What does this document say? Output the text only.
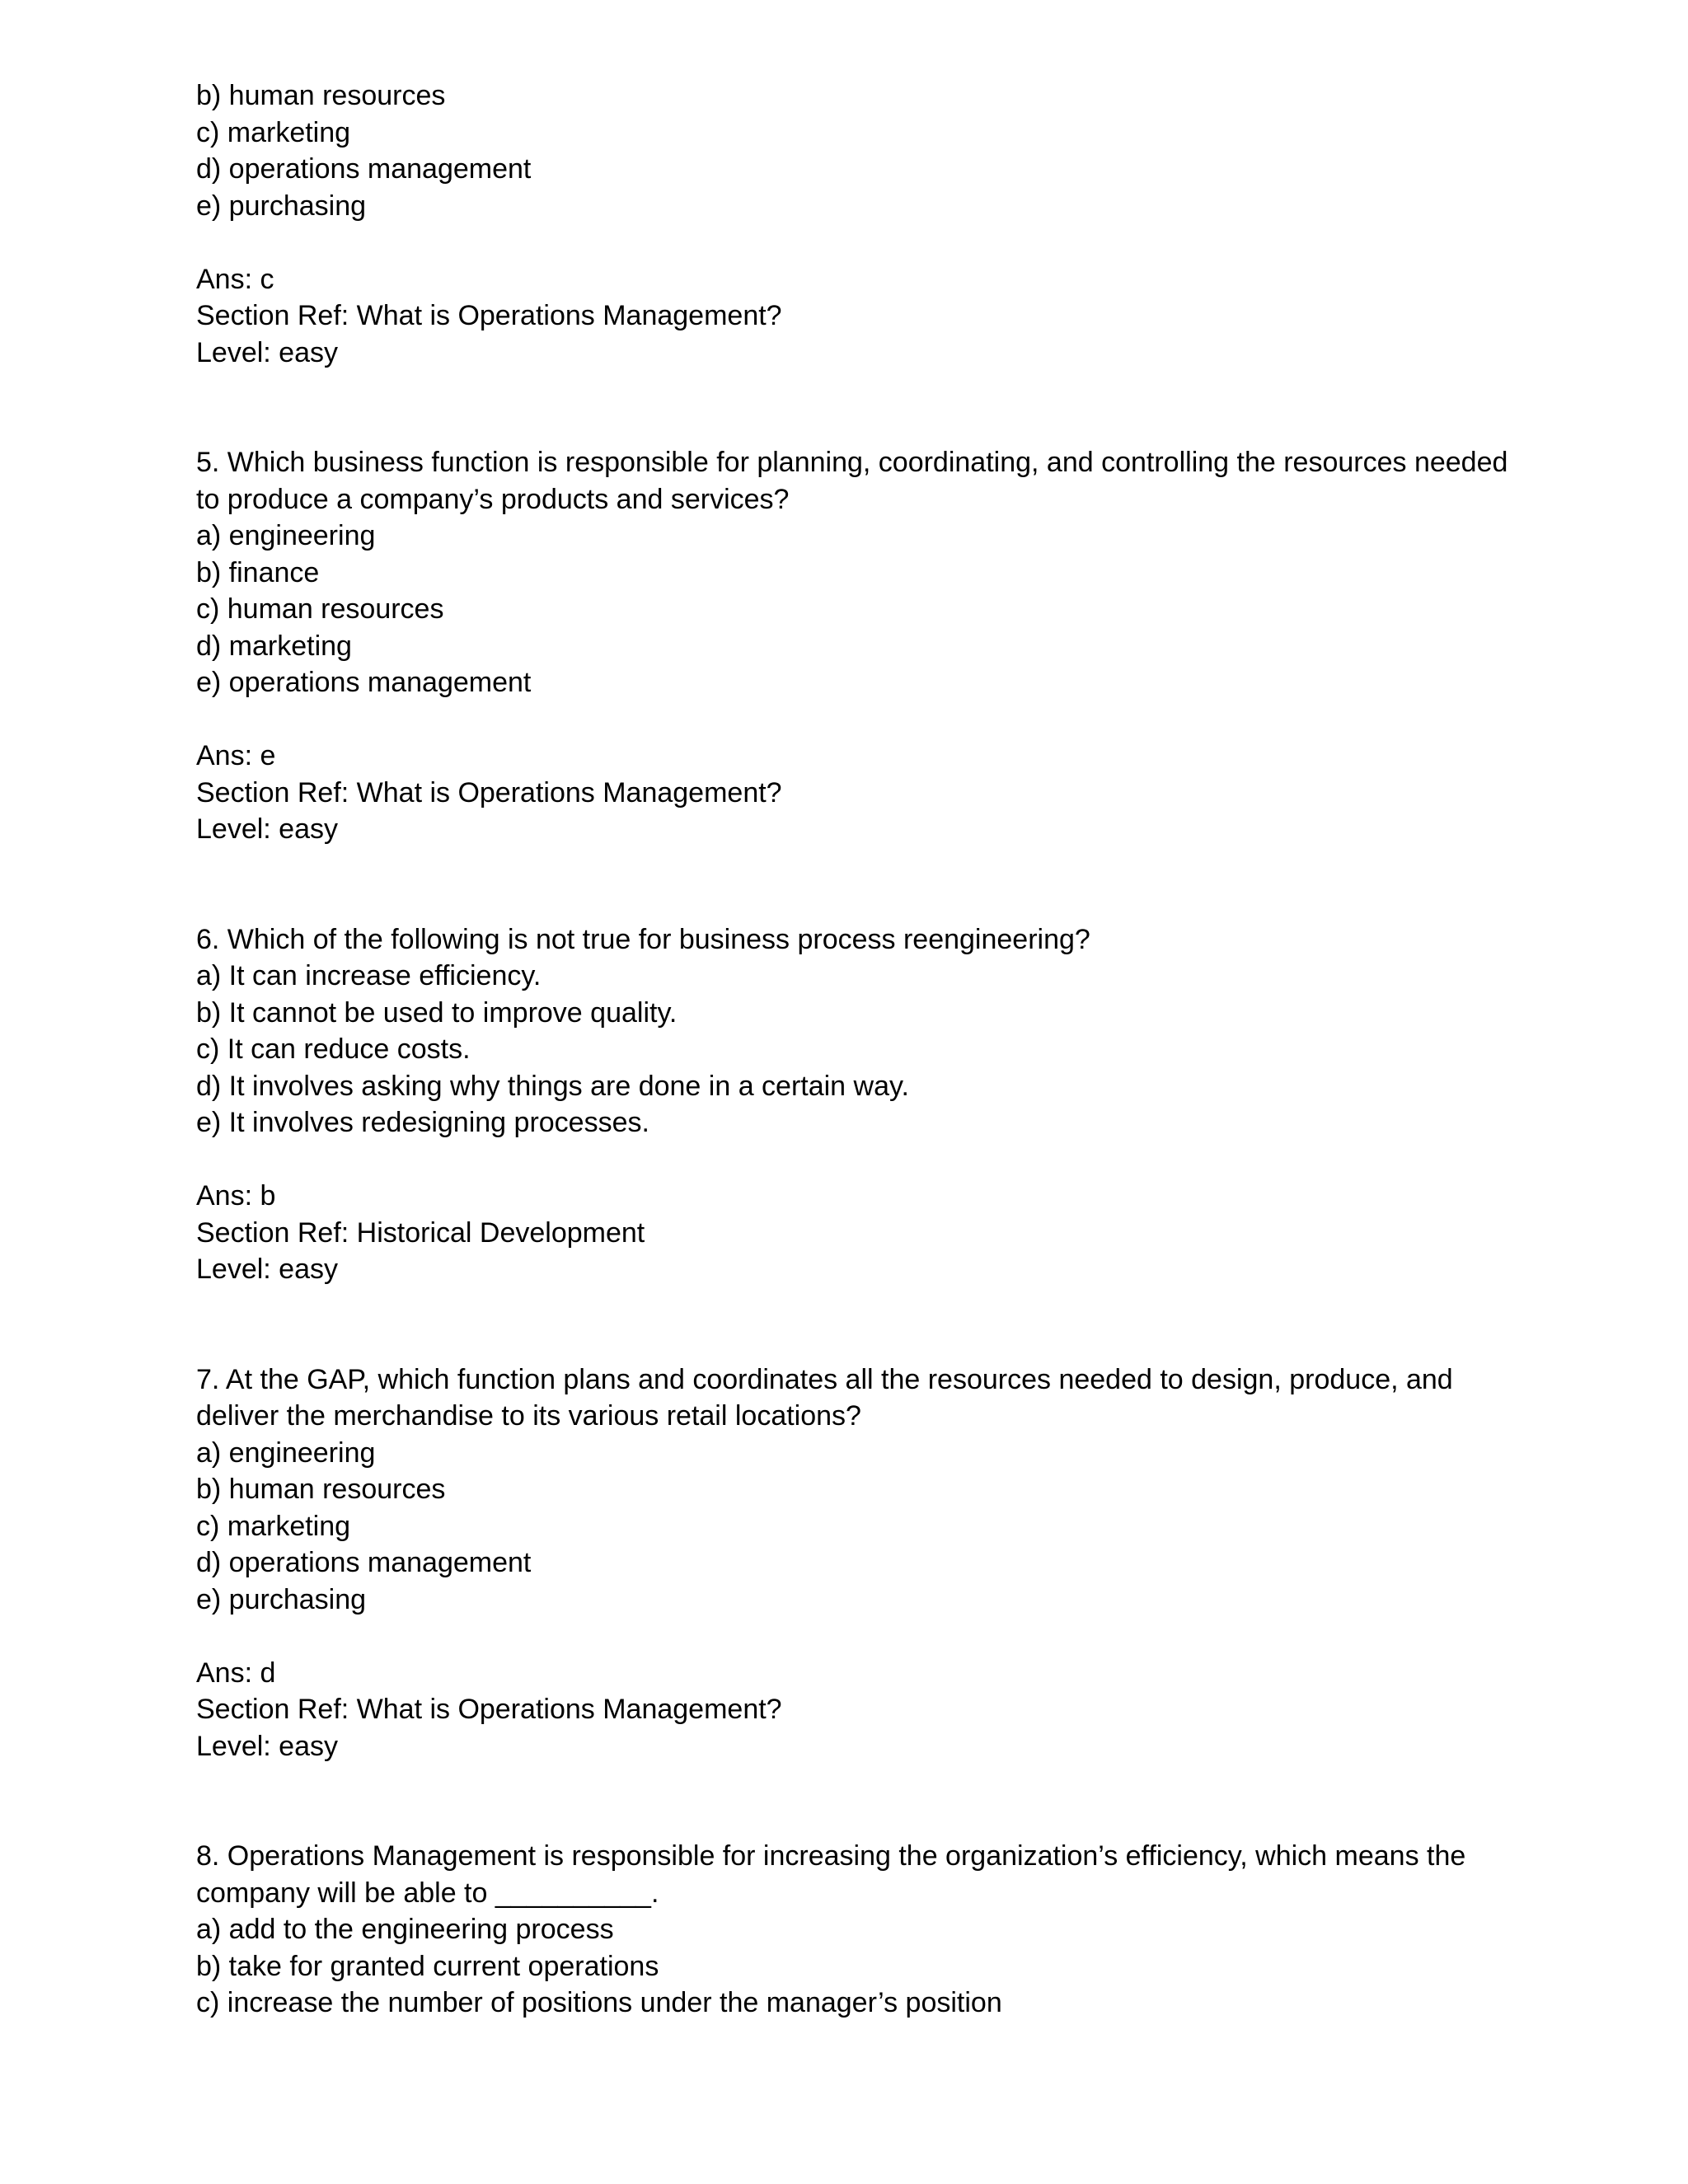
b) human resources
c) marketing
d) operations management
e) purchasing
Ans: c
Section Ref: What is Operations Management?
Level: easy
5. Which business function is responsible for planning, coordinating, and controlling the resources needed
to produce a company’s products and services?
a) engineering
b) finance
c) human resources
d) marketing
e) operations management
Ans: e
Section Ref: What is Operations Management?
Level: easy
6. Which of the following is not true for business process reengineering?
a) It can increase efficiency.
b) It cannot be used to improve quality.
c) It can reduce costs.
d) It involves asking why things are done in a certain way.
e) It involves redesigning processes.
Ans: b
Section Ref: Historical Development
Level: easy
7. At the GAP, which function plans and coordinates all the resources needed to design, produce, and
deliver the merchandise to its various retail locations?
a) engineering
b) human resources
c) marketing
d) operations management
e) purchasing
Ans: d
Section Ref: What is Operations Management?
Level: easy
8. Operations Management is responsible for increasing the organization’s efficiency, which means the
company will be able to __________.
a) add to the engineering process
b) take for granted current operations
c) increase the number of positions under the manager’s position
